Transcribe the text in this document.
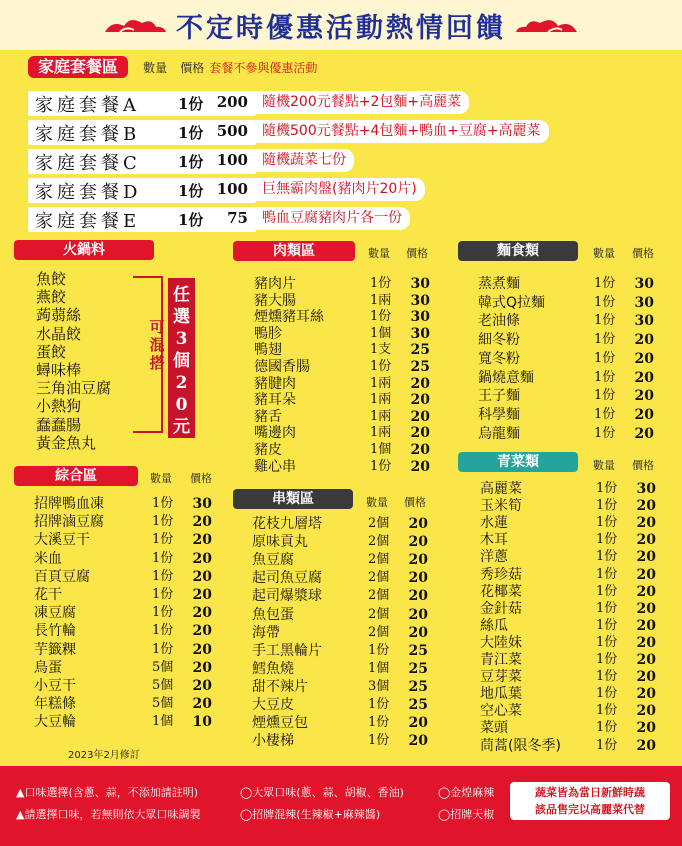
不定時優惠活動熱情回饋
家庭套餐區 數量 價格 套餐不參與優惠活動
家庭套餐A	1份 200	隨機200元餐點+2包麵+高麗菜
家庭套餐B	1份 500	隨機500元餐點+4包麵+鴨血+豆腐+高麗菜
家庭套餐C 1份 100	隨機蔬菜七份
家庭套餐D 1份 100	巨無霸肉盤(豬肉片20片)
家庭套餐E	1份	75	鴨血豆腐豬肉片各一份
火鍋料
魚餃
燕餃
蒟蒻絲
水晶餃
蛋餃
蟳味棒
三角油豆腐
小熱狗
蠢蠢腸
黃金魚丸
可混搭
任選3個20元
綜合區	數量 價格
招牌鴨血凍	1份	30
招牌滷豆腐	1份	20
大溪豆干	1份	20
米血	1份	20
百頁豆腐	1份	20
花干	1份	20
凍豆腐	1份	20
長竹輪	1份	20
芋籤粿	1份	20
鳥蛋	5個	20
小豆干	5個	20
年糕條	5個	20
大豆輪	1個	10
2023年2月修訂
肉類區	數量 價格
豬肉片	1份	30
豬大腸	1兩	30
煙燻豬耳絲	1份	30
鴨胗	1個	30
鴨翅	1支	25
德國香腸	1份	25
豬腱肉	1兩	20
豬耳朵	1兩	20
豬舌	1兩	20
嘴邊肉	1兩	20
豬皮	1個	20
雞心串	1份	20
串類區	數量 價格
花枝九層塔	2個	20
原味貢丸	2個	20
魚豆腐	2個	20
起司魚豆腐	2個	20
起司爆漿球	2個	20
魚包蛋	2個	20
海帶	2個	20
手工黑輪片	1份	25
鱈魚燒	1個	25
甜不辣片	3個	25
大豆皮	1份	25
煙燻豆包	1份	20
小棲梯	1份	20
麵食類	數量 價格
蒸煮麵	1份	30
韓式Q拉麵	1份	30
老油條	1份	30
細冬粉	1份	20
寬冬粉	1份	20
鍋燒意麵	1份	20
王子麵	1份	20
科學麵	1份	20
烏龍麵	1份	20
青菜類	數量 價格
高麗菜	1份	30
玉米筍	1份	20
水蓮	1份	20
木耳	1份	20
洋蔥	1份	20
秀珍菇	1份	20
花椰菜	1份	20
金針菇	1份	20
絲瓜	1份	20
大陸妹	1份	20
青江菜	1份	20
豆芽菜	1份	20
地瓜葉	1份	20
空心菜	1份	20
菜頭	1份	20
茼蒿(限冬季)	1份	20
▲口味選擇(含蔥、蒜，不添加請註明)
▲請選擇口味，若無則依大眾口味調製
◯大眾口味(蔥、蒜、胡椒、香油)
◯招牌混辣(生辣椒+麻辣醬)
◯金煌麻辣
◯招牌天椒
蔬菜皆為當日新鮮時蔬
該品售完以高麗菜代替
